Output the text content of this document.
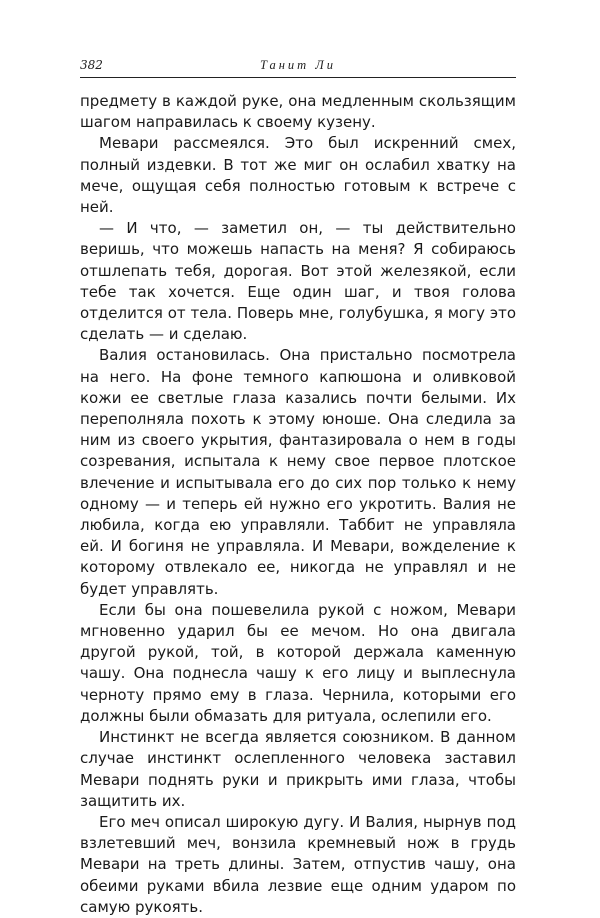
382	Танит Ли

предмету в каждой руке, она медленным скользящим шагом направилась к своему кузену.

Мевари рассмеялся. Это был искренний смех, полный издевки. В тот же миг он ослабил хватку на мече, ощущая себя полностью готовым к встрече с ней.

— И что, — заметил он, — ты действительно веришь, что можешь напасть на меня? Я собираюсь отшлепать тебя, дорогая. Вот этой железякой, если тебе так хочется. Еще один шаг, и твоя голова отделится от тела. Поверь мне, голубушка, я могу это сделать — и сделаю.

Валия остановилась. Она пристально посмотрела на него. На фоне темного капюшона и оливковой кожи ее светлые глаза казались почти белыми. Их переполняла похоть к этому юноше. Она следила за ним из своего укрытия, фантазировала о нем в годы созревания, испытала к нему свое первое плотское влечение и испытывала его до сих пор только к нему одному — и теперь ей нужно его укротить. Валия не любила, когда ею управляли. Таббит не управляла ей. И богиня не управляла. И Мевари, вожделение к которому отвлекало ее, никогда не управлял и не будет управлять.

Если бы она пошевелила рукой с ножом, Мевари мгновенно ударил бы ее мечом. Но она двигала другой рукой, той, в которой держала каменную чашу. Она поднесла чашу к его лицу и выплеснула черноту прямо ему в глаза. Чернила, которыми его должны были обмазать для ритуала, ослепили его.

Инстинкт не всегда является союзником. В данном случае инстинкт ослепленного человека заставил Мевари поднять руки и прикрыть ими глаза, чтобы защитить их.

Его меч описал широкую дугу. И Валия, нырнув под взлетевший меч, вонзила кремневый нож в грудь Мевари на треть длины. Затем, отпустив чашу, она обеими руками вбила лезвие еще одним ударом по самую рукоять.
